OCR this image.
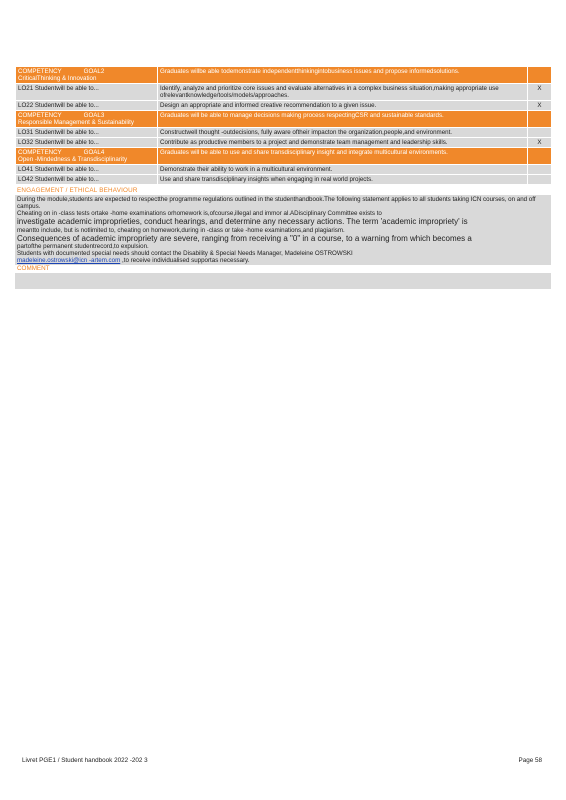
COMPETENCY GOAL2
CriticalThinking & Innovation	Graduates willbe able todemonstrate independentthinkingintobusiness issues and propose informedsolutions.	
LO21 Studentwill be able to...	Identify, analyze and prioritize core issues and evaluate alternatives in a complex business situation,making appropriate use ofrelevantknowledge/tools/models/approaches.	X
LO22 Studentwill be able to...	Design an appropriate and informed creative recommendation to a given issue.	X
COMPETENCY GOAL3
Responsible Management & Sustainability	Graduates will be able to manage decisions making process respectingCSR and sustainable standards.	
LO31 Studentwill be able to...	Constructwell thought -outdecisions, fully aware oftheir impacton the organization,people,and environment.	
LO32 Studentwill be able to...	Contribute as productive members to a project and demonstrate team management and leadership skills.	X
COMPETENCY GOAL4
Open -Mindedness & Transdisciplinarity	Graduates will be able to use and share transdisciplinary insight and integrate multicultural environments.	
LO41 Studentwill be able to...	Demonstrate their ability to work in a multicultural environment.	
LO42 Studentwill be able to...	Use and share transdisciplinary insights when engaging in real world projects.	
ENGAGEMENT / ETHICAL BEHAVIOUR

During the module,students are expected to respectthe programme regulations outlined in the studenthandbook.The following statement applies to all students taking ICN courses, on and off campus.

Cheating on in -class tests ortake -home examinations orhomework is,ofcourse,illegal and immor al.ADisciplinary Committee exists to

investigate academic improprieties, conduct hearings, and determine any necessary actions. The term 'academic impropriety' is

meantto include, but is notlimited to, cheating on homework,during in -class or take -home examinations,and plagiarism.

Consequences of academic impropriety are severe, ranging from receiving a "0" in a course, to a warning from which becomes a

partofthe permanent studentrecord,to expulsion.

Students with documented special needs should contact the Disability & Special Needs Manager, Madeleine OSTROWSKI

madeleine.ostrowski@icn -artem.com ,to receive individualised supportas necessary.

COMMENT
Livret PGE1 / Student handbook 2022 -202 3	Page 58
